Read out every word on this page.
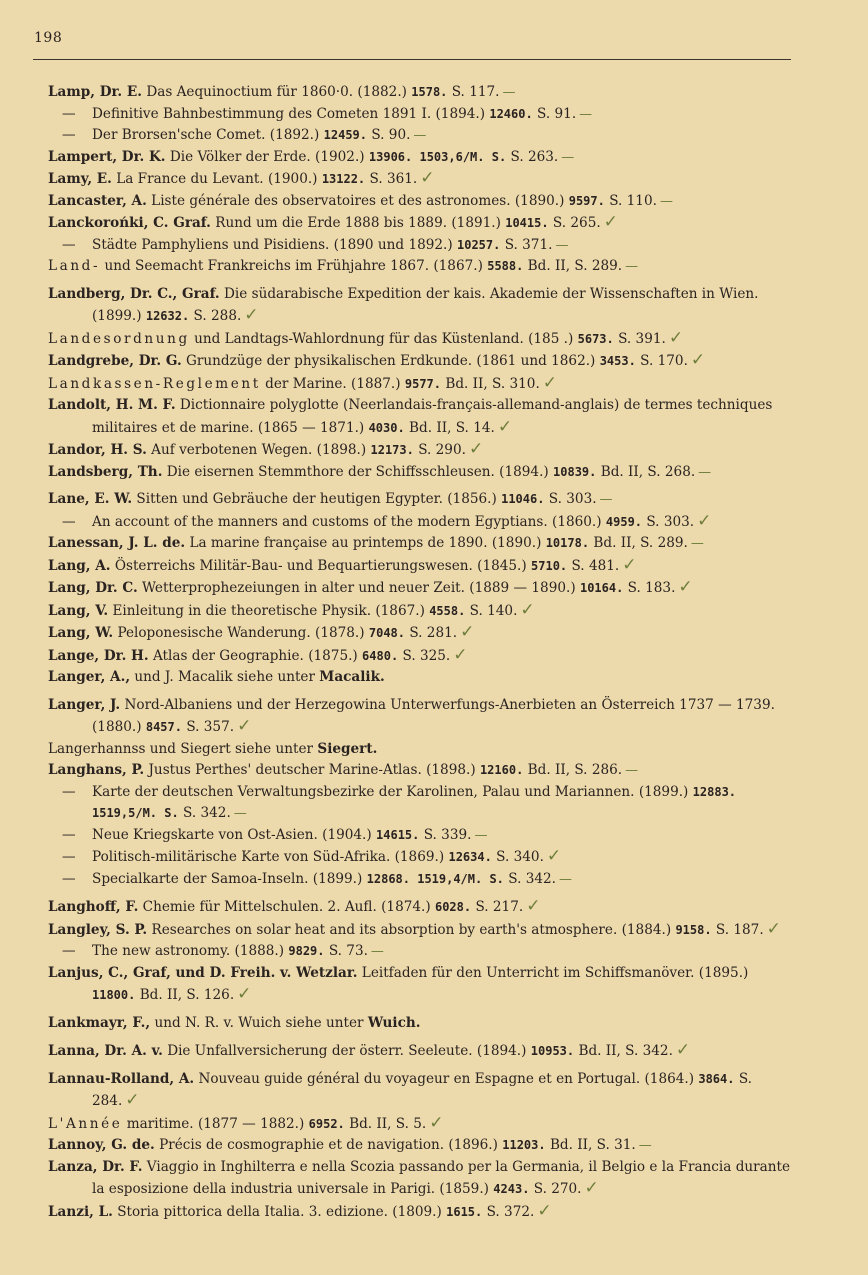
198
Lamp, Dr. E. Das Aequinoctium für 1860·0. (1882.) 1578. S. 117. —
— Definitive Bahnbestimmung des Cometen 1891 I. (1894.) 12460. S. 91. —
— Der Brorsen'sche Comet. (1892.) 12459. S. 90. —
Lampert, Dr. K. Die Völker der Erde. (1902.) 13906. 1503,6/M. S. S. 263. —
Lamy, E. La France du Levant. (1900.) 13122. S. 361. ✓
Lancaster, A. Liste générale des observatoires et des astronomes. (1890.) 9597. S. 110. —
Lanckorońki, C. Graf. Rund um die Erde 1888 bis 1889. (1891.) 10415. S. 265. ✓
— Städte Pamphyliens und Pisidiens. (1890 und 1892.) 10257. S. 371. —
Land- und Seemacht Frankreichs im Frühjahre 1867. (1867.) 5588. Bd. II, S. 289. —
Landberg, Dr. C., Graf. Die südarabische Expedition der kais. Akademie der Wissenschaften in Wien. (1899.) 12632. S. 288. ✓
Landesordnung und Landtags-Wahlordnung für das Küstenland. (185 .) 5673. S. 391. ✓
Landgrebe, Dr. G. Grundzüge der physikalischen Erdkunde. (1861 und 1862.) 3453. S. 170. ✓
Landkassen-Reglement der Marine. (1887.) 9577. Bd. II, S. 310. ✓
Landolt, H. M. F. Dictionnaire polyglotte (Neerlandais-français-allemand-anglais) de termes techniques militaires et de marine. (1865 — 1871.) 4030. Bd. II, S. 14. ✓
Landor, H. S. Auf verbotenen Wegen. (1898.) 12173. S. 290. ✓
Landsberg, Th. Die eisernen Stemmthore der Schiffsschleusen. (1894.) 10839. Bd. II, S. 268. —
Lane, E. W. Sitten und Gebräuche der heutigen Egypter. (1856.) 11046. S. 303. —
— An account of the manners and customs of the modern Egyptians. (1860.) 4959. S. 303. ✓
Lanessan, J. L. de. La marine française au printemps de 1890. (1890.) 10178. Bd. II, S. 289. —
Lang, A. Österreichs Militär-Bau- und Bequartierungswesen. (1845.) 5710. S. 481. ✓
Lang, Dr. C. Wetterprophezeiungen in alter und neuer Zeit. (1889 — 1890.) 10164. S. 183. ✓
Lang, V. Einleitung in die theoretische Physik. (1867.) 4558. S. 140. ✓
Lang, W. Peloponesische Wanderung. (1878.) 7048. S. 281. ✓
Lange, Dr. H. Atlas der Geographie. (1875.) 6480. S. 325. ✓
Langer, A., und J. Macalik siehe unter Macalik.
Langer, J. Nord-Albaniens und der Herzegowina Unterwerfungs-Anerbieten an Österreich 1737 — 1739. (1880.) 8457. S. 357. ✓
Langerhannss und Siegert siehe unter Siegert.
Langhans, P. Justus Perthes' deutscher Marine-Atlas. (1898.) 12160. Bd. II, S. 286. —
— Karte der deutschen Verwaltungsbezirke der Karolinen, Palau und Mariannen. (1899.) 12883. 1519,5/M. S. S. 342. —
— Neue Kriegskarte von Ost-Asien. (1904.) 14615. S. 339. —
— Politisch-militärische Karte von Süd-Afrika. (1869.) 12634. S. 340. ✓
— Specialkarte der Samoa-Inseln. (1899.) 12868. 1519,4/M. S. S. 342. —
Langhoff, F. Chemie für Mittelschulen. 2. Aufl. (1874.) 6028. S. 217. ✓
Langley, S. P. Researches on solar heat and its absorption by earth's atmosphere. (1884.) 9158. S. 187. ✓
— The new astronomy. (1888.) 9829. S. 73. —
Lanjus, C., Graf, und D. Freih. v. Wetzlar. Leitfaden für den Unterricht im Schiffsmanöver. (1895.) 11800. Bd. II, S. 126. ✓
Lankmayr, F., und N. R. v. Wuich siehe unter Wuich.
Lanna, Dr. A. v. Die Unfallversicherung der österr. Seeleute. (1894.) 10953. Bd. II, S. 342. ✓
Lannau-Rolland, A. Nouveau guide général du voyageur en Espagne et en Portugal. (1864.) 3864. S. 284. ✓
L'Année maritime. (1877 — 1882.) 6952. Bd. II, S. 5. ✓
Lannoy, G. de. Précis de cosmographie et de navigation. (1896.) 11203. Bd. II, S. 31. —
Lanza, Dr. F. Viaggio in Inghilterra e nella Scozia passando per la Germania, il Belgio e la Francia durante la esposizione della industria universale in Parigi. (1859.) 4243. S. 270. ✓
Lanzi, L. Storia pittorica della Italia. 3. edizione. (1809.) 1615. S. 372. ✓
